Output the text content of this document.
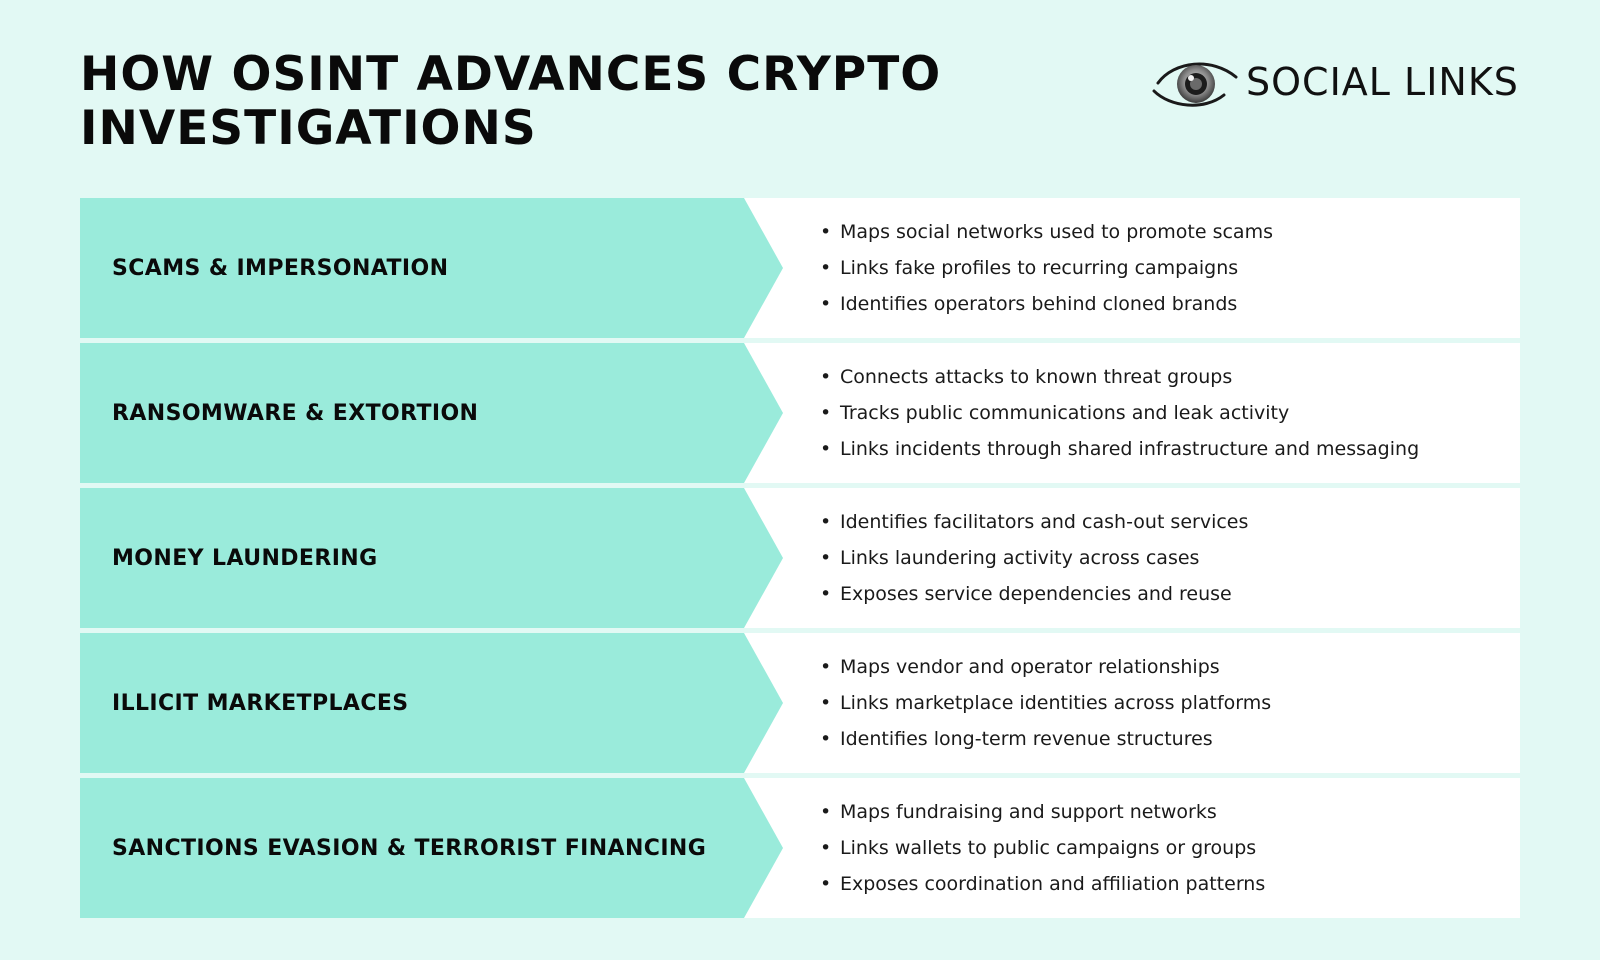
HOW OSINT ADVANCES CRYPTO
INVESTIGATIONS
SOCIAL LINKS
SCAMS & IMPERSONATION
• Maps social networks used to promote scams
• Links fake profiles to recurring campaigns
• Identifies operators behind cloned brands
RANSOMWARE & EXTORTION
• Connects attacks to known threat groups
• Tracks public communications and leak activity
• Links incidents through shared infrastructure and messaging
MONEY LAUNDERING
• Identifies facilitators and cash-out services
• Links laundering activity across cases
• Exposes service dependencies and reuse
ILLICIT MARKETPLACES
• Maps vendor and operator relationships
• Links marketplace identities across platforms
• Identifies long-term revenue structures
SANCTIONS EVASION & TERRORIST FINANCING
• Maps fundraising and support networks
• Links wallets to public campaigns or groups
• Exposes coordination and affiliation patterns
